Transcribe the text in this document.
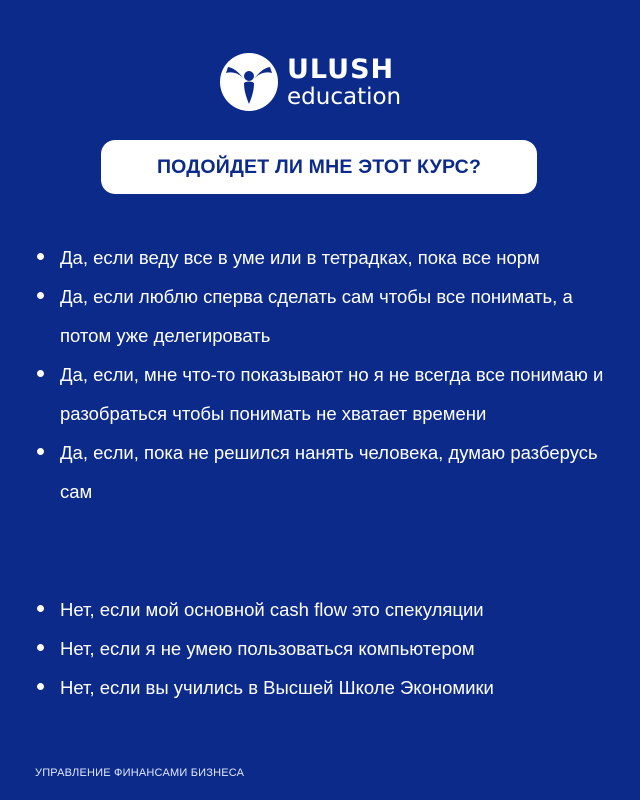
ULUSH
education
ПОДОЙДЕТ ЛИ МНЕ ЭТОТ КУРС?
Да, если веду все в уме или в тетрадках, пока все норм
Да, если люблю сперва сделать сам чтобы все понимать, а потом уже делегировать
Да, если, мне что-то показывают но я не всегда все понимаю и разобраться чтобы понимать не хватает времени
Да, если, пока не решился нанять человека, думаю разберусь сам
Нет, если мой основной cash flow это спекуляции
Нет, если я не умею пользоваться компьютером
Нет, если вы учились в Высшей Школе Экономики
УПРАВЛЕНИЕ ФИНАНСАМИ БИЗНЕСА
